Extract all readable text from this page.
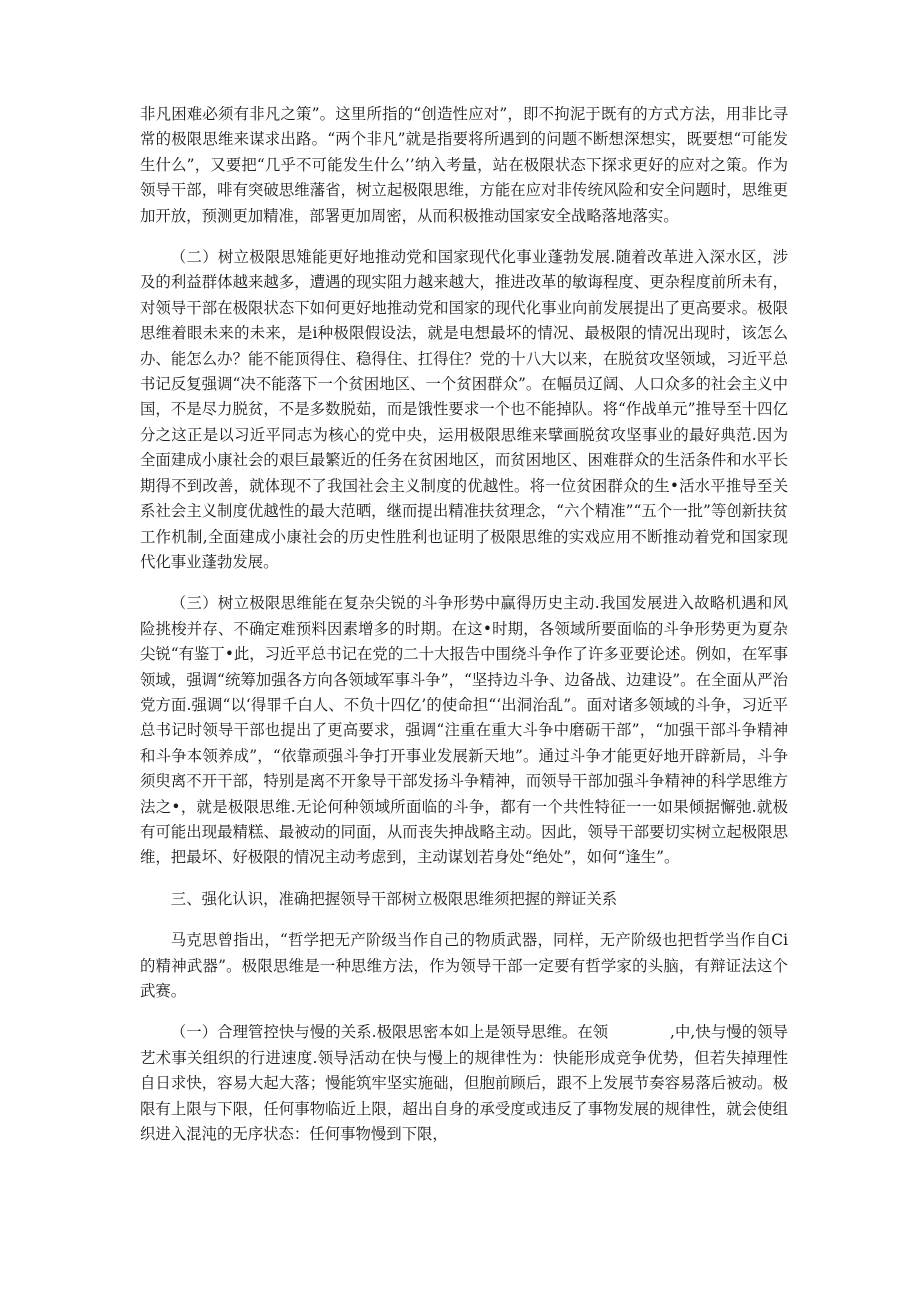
非凡困难必须有非凡之策”。这里所指的“创造性应对”，即不拘泥于既有的方式方法，用非比寻常的极限思维来谋求出路。“两个非凡”就是指要将所遇到的问题不断想深想实，既要想“可能发生什么”，又要把“几乎不可能发生什么’’纳入考量，站在极限状态下探求更好的应对之策。作为领导干部，啡有突破思维藩省，树立起极限思维，方能在应对非传统风险和安全问题时，思维更加开放，预测更加精准，部署更加周密，从而积极推动国家安全战略落地落实。

（二）树立极限思雉能更好地推动党和国家现代化事业蓬勃发展.随着改革进入深水区，涉及的利益群体越来越多，遭遇的现实阻力越来越大，推进改革的敏诲程度、更杂程度前所未有，对领导干部在极限状态下如何更好地推动党和国家的现代化事业向前发展提出了更高要求。极限思维着眼未来的未来，是i种极限假设法，就是电想最坏的情况、最极限的情况出现时，该怎么办、能怎么办？能不能顶得住、稳得住、扛得住？党的十八大以来，在脱贫攻坚领域，习近平总书记反复强调“决不能落下一个贫困地区、一个贫困群众”。在幅员辽阔、人口众多的社会主义中国，不是尽力脱贫，不是多数脱茹，而是饿性要求一个也不能掉队。将“作战单元”推导至十四亿分之这正是以习近平同志为核心的党中央，运用极限思维来擘画脱贫攻坚事业的最好典范.因为全面建成小康社会的艰巨最繁近的任务在贫困地区，而贫困地区、困难群众的生活条件和水平长期得不到改善，就体现不了我国社会主义制度的优越性。将一位贫困群众的生•活水平推导至关系社会主义制度优越性的最大范晒，继而提出精准扶贫理念，“六个精准”“五个一批”等创新扶贫工作机制,全面建成小康社会的历史性胜利也证明了极限思维的实戏应用不断推动着党和国家现代化事业蓬勃发展。

（三）树立极限思维能在复杂尖锐的斗争形势中赢得历史主动.我国发展进入故略机遇和风险挑梭并存、不确定难预料因素增多的时期。在这•时期，各领域所要面临的斗争形势更为夏杂尖锐“有鉴丁•此，习近平总书记在党的二十大报告中围绕斗争作了许多亚要论述。例如，在军事领域，强调“统筹加强各方向各领域军事斗争”，“坚持边斗争、边备战、边建设”。在全面从严治党方面.强调“以‘得罪千白人、不负十四亿’的使命担“‘出洞治乱”。面对诸多领域的斗争，习近平总书记时领导干部也提出了更高要求，强调“注重在重大斗争中磨砺干部”，“加强干部斗争精神和斗争本领养成”，“依靠顽强斗争打开事业发展新天地”。通过斗争才能更好地开辟新局，斗争须臾离不开干部，特别是离不开象导干部发扬斗争精神，而领导干部加强斗争精神的科学思维方法之•，就是极限思维.无论何种领域所面临的斗争，都有一个共性特征一一如果倾据懈弛.就极有可能出现最精糕、最被动的同面，从而丧失抻战略主动。因此，领导干部要切实树立起极限思维，把最坏、好极限的情况主动考虑到，主动谋划若身处“绝处”，如何“逢生”。

三、强化认识，准确把握领导干部树立极限思维须把握的辩证关系

马克思曾指出，“哲学把无产阶级当作自己的物质武器，同样，无产阶级也把哲学当作自Ci的精神武器”。极限思维是一种思维方法，作为领导干部一定要有哲学家的头脑，有辩证法这个武赛。

（一）合理管控快与慢的关系.极限思密本如上是领导思维。在领　　　　,中,快与慢的领导艺术事关组织的行进速度.领导活动在快与慢上的规律性为：快能形成竞争优势，但若失掉理性自日求快，容易大起大落；慢能筑牢坚实施础，但胞前顾后，跟不上发展节奏容易落后被动。极限有上限与下限，任何事物临近上限，超出自身的承受度或违反了事物发展的规律性，就会使组织进入混沌的无序状态：任何事物慢到下限，
